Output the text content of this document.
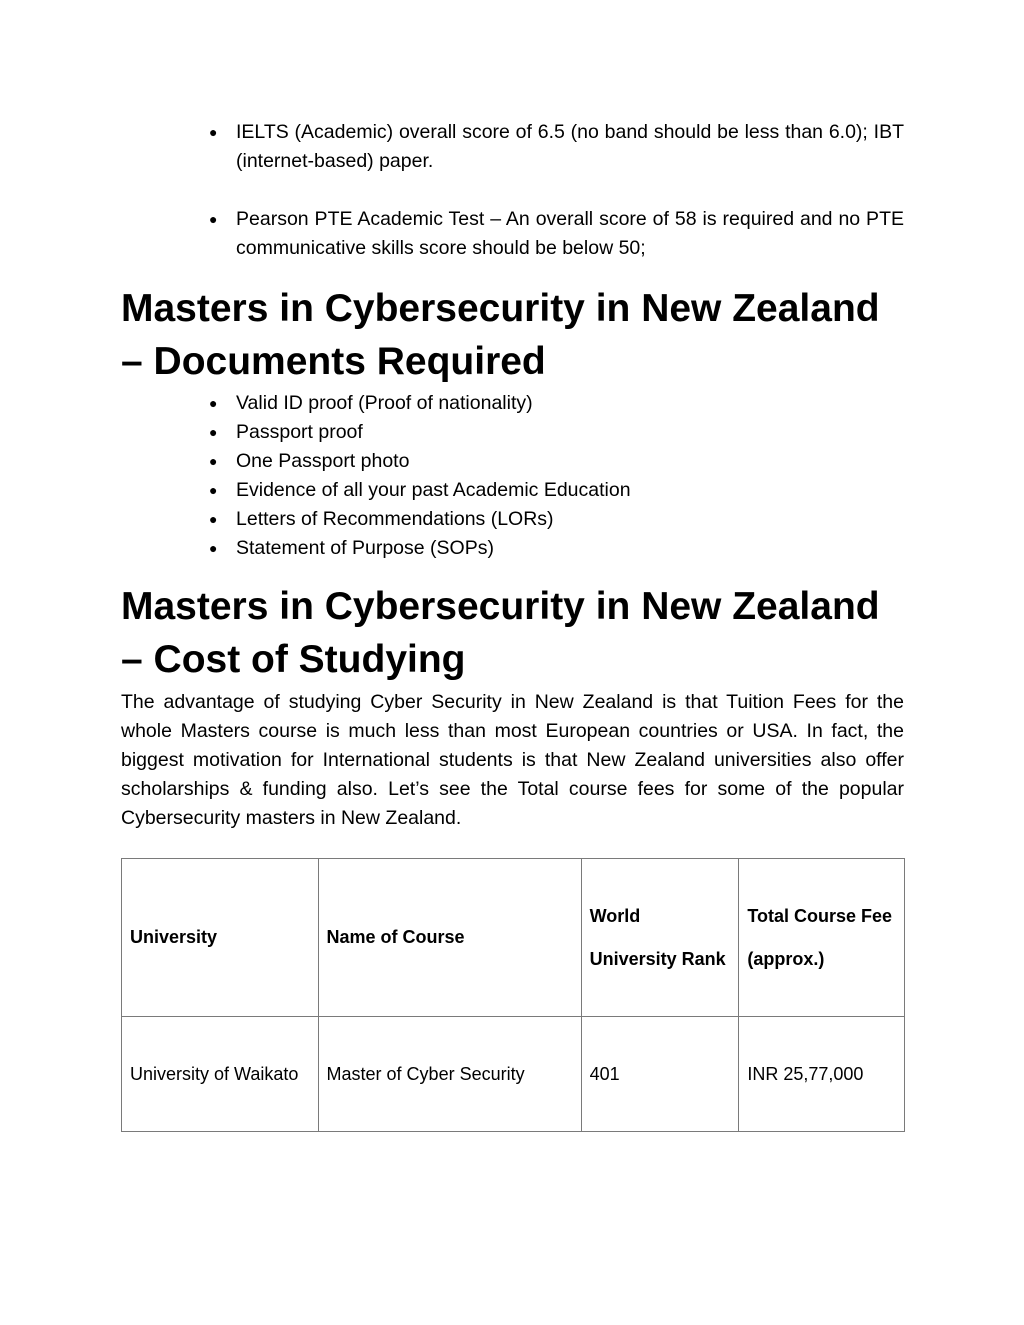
● IELTS (Academic) overall score of 6.5 (no band should be less than 6.0); IBT (internet-based) paper.
● Pearson PTE Academic Test – An overall score of 58 is required and no PTE communicative skills score should be below 50;
Masters in Cybersecurity in New Zealand – Documents Required
● Valid ID proof (Proof of nationality)
● Passport proof
● One Passport photo
● Evidence of all your past Academic Education
● Letters of Recommendations (LORs)
● Statement of Purpose (SOPs)
Masters in Cybersecurity in New Zealand – Cost of Studying

The advantage of studying Cyber Security in New Zealand is that Tuition Fees for the whole Masters course is much less than most European countries or USA. In fact, the biggest motivation for International students is that New Zealand universities also offer scholarships & funding also. Let’s see the Total course fees for some of the popular Cybersecurity masters in New Zealand.

University	Name of Course	World University Rank	Total Course Fee (approx.)
University of Waikato	Master of Cyber Security	401	INR 25,77,000
